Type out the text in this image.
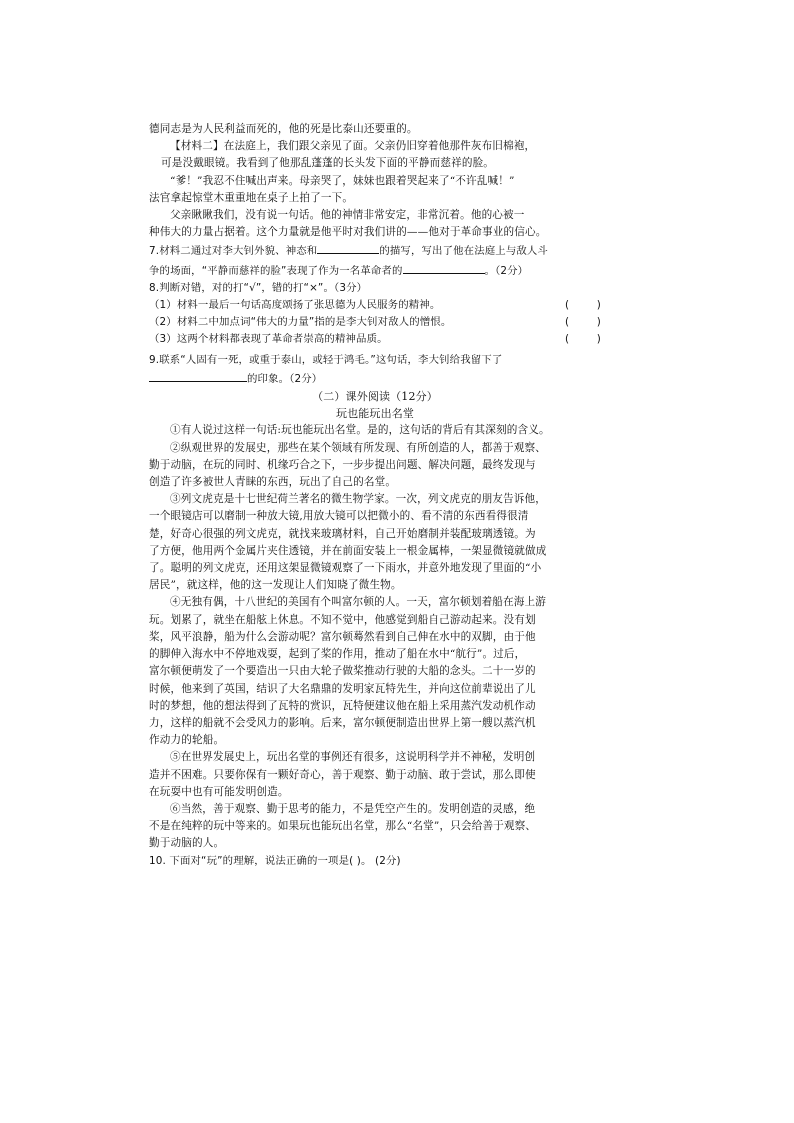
德同志是为人民利益而死的，他的死是比泰山还要重的。

【材料二】在法庭上，我们跟父亲见了面。父亲仍旧穿着他那件灰布旧棉袍，

可是没戴眼镜。我看到了他那乱蓬蓬的长头发下面的平静而慈祥的脸。

“爹！”我忍不住喊出声来。母亲哭了，妹妹也跟着哭起来了“不许乱喊！”

法官拿起惊堂木重重地在桌子上拍了一下。

父亲瞅瞅我们，没有说一句话。他的神情非常安定，非常沉着。他的心被一

种伟大的力量占据着。这个力量就是他平时对我们讲的——他对于革命事业的信心。

7.材料二通过对李大钊外貌、神态和	的描写，写出了他在法庭上与敌人斗

争的场面，“平静而慈祥的脸”表现了作为一名革命者的	。（2分）

8.判断对错，对的打“√”，错的打“×”。（3分）

（1）材料一最后一句话高度颂扬了张思德为人民服务的精神。	(        )
（2）材料二中加点词“伟大的力量”指的是李大钊对敌人的憎恨。	(        )
（3）这两个材料都表现了革命者崇高的精神品质。	(        )

9.联系“人固有一死，或重于泰山，或轻于鸿毛。”这句话，李大钊给我留下了

的印象。（2分）

（二）课外阅读（12分）

玩也能玩出名堂

①有人说过这样一句话:玩也能玩出名堂。是的，这句话的背后有其深刻的含义。

②纵观世界的发展史，那些在某个领域有所发现、有所创造的人，都善于观察、

勤于动脑，在玩的同时、机缘巧合之下，一步步提出问题、解决问题，最终发现与

创造了许多被世人青睐的东西，玩出了自己的名堂。

③列文虎克是十七世纪荷兰著名的微生物学家。一次，列文虎克的朋友告诉他，

一个眼镜店可以磨制一种放大镜,用放大镜可以把微小的、看不清的东西看得很清

楚，好奇心很强的列文虎克，就找来玻璃材料，自己开始磨制并装配玻璃透镜。为

了方便，他用两个金属片夹住透镜，并在前面安装上一根金属棒，一架显微镜就做成

了。聪明的列文虎克，还用这架显微镜观察了一下雨水，并意外地发现了里面的“小

居民”，就这样，他的这一发现让人们知晓了微生物。

④无独有偶，十八世纪的美国有个叫富尔顿的人。一天，富尔顿划着船在海上游

玩。划累了，就坐在船舷上休息。不知不觉中，他感觉到船自己游动起来。没有划

桨，风平浪静，船为什么会游动呢？富尔顿蓦然看到自己伸在水中的双脚，由于他

的脚伸入海水中不停地戏耍，起到了桨的作用，推动了船在水中“航行”。过后，

富尔顿便萌发了一个要造出一只由大轮子做桨推动行驶的大船的念头。二十一岁的

时候，他来到了英国，结识了大名鼎鼎的发明家瓦特先生，并向这位前辈说出了儿

时的梦想，他的想法得到了瓦特的赏识，瓦特便建议他在船上采用蒸汽发动机作动

力，这样的船就不会受风力的影响。后来，富尔顿便制造出世界上第一艘以蒸汽机

作动力的轮船。

⑤在世界发展史上，玩出名堂的事例还有很多，这说明科学并不神秘，发明创

造并不困难。只要你保有一颗好奇心，善于观察、勤于动脑、敢于尝试，那么即使

在玩耍中也有可能发明创造。

⑥当然，善于观察、勤于思考的能力，不是凭空产生的。发明创造的灵感，绝

不是在纯粹的玩中等来的。如果玩也能玩出名堂，那么“名堂”，只会给善于观察、

勤于动脑的人。

10. 下面对“玩”的理解，说法正确的一项是( )。 (2分)
